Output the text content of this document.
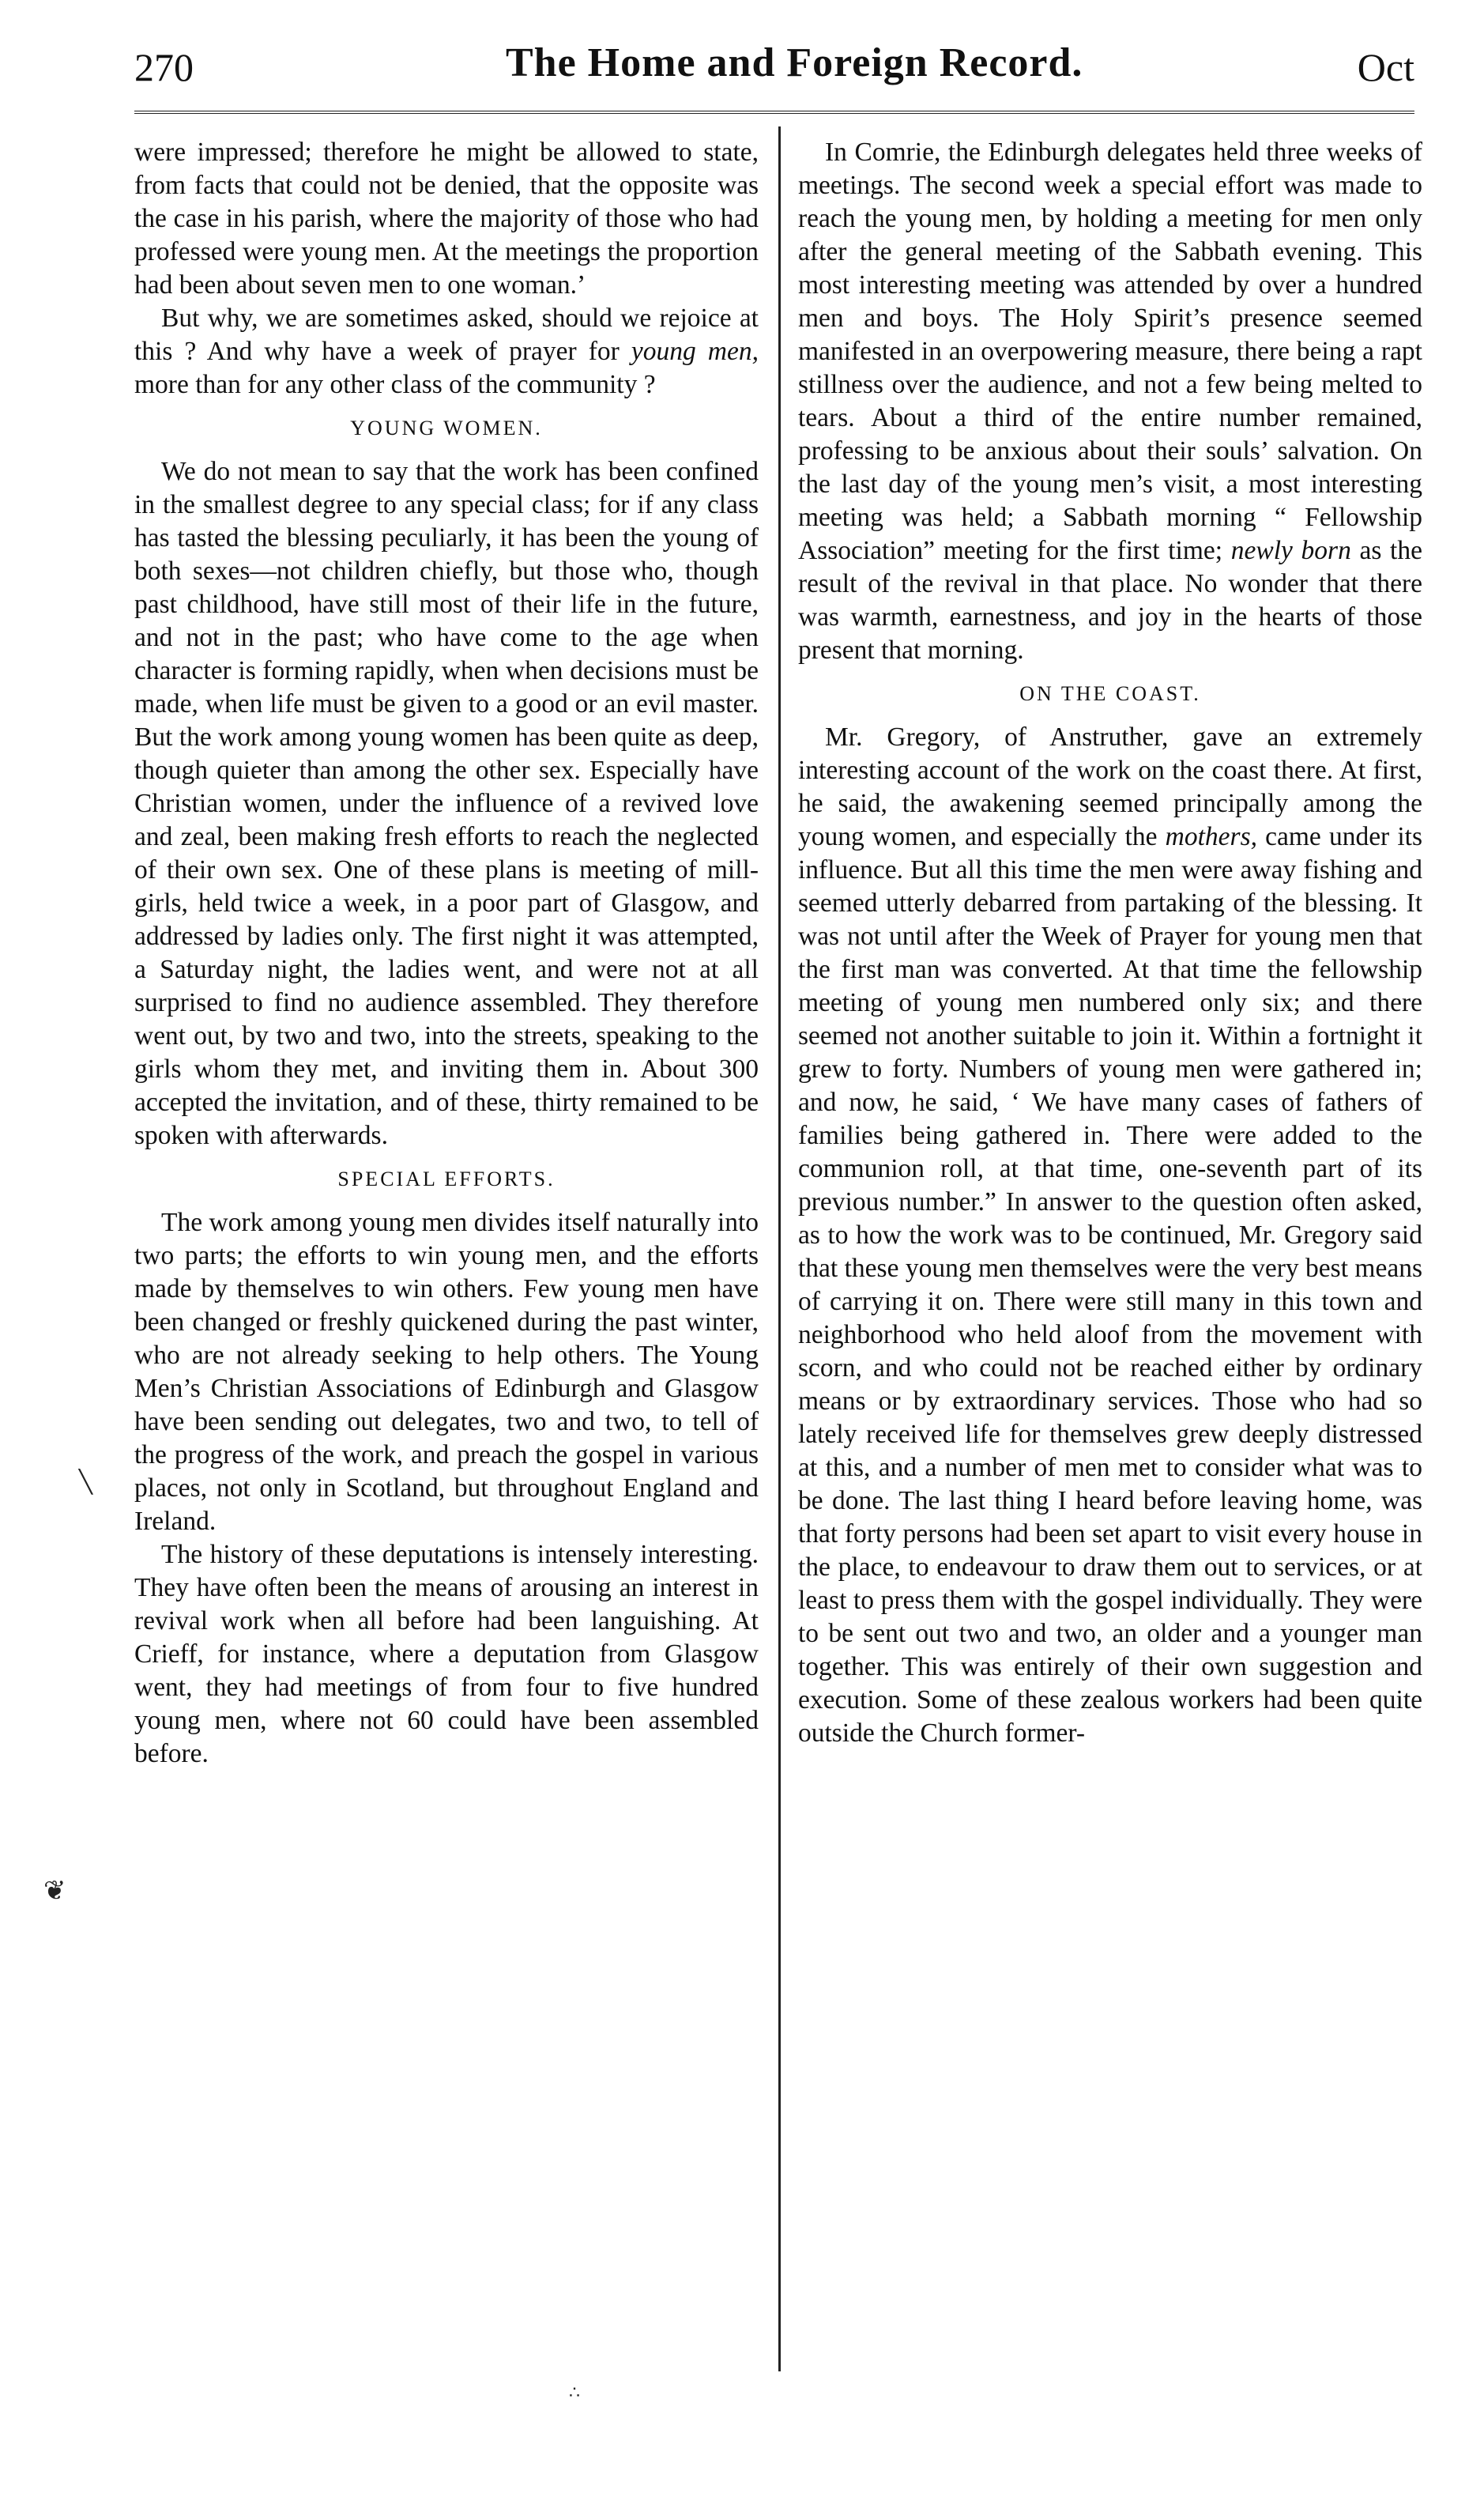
270	The Home and Foreign Record.	Oct

were impressed; therefore he might be allowed to state, from facts that could not be denied, that the opposite was the case in his parish, where the majority of those who had professed were young men. At the meetings the proportion had been about seven men to one woman.’

But why, we are sometimes asked, should we rejoice at this ? And why have a week of prayer for young men, more than for any other class of the community ?

YOUNG WOMEN.

We do not mean to say that the work has been confined in the smallest degree to any special class; for if any class has tasted the blessing peculiarly, it has been the young of both sexes—not children chiefly, but those who, though past childhood, have still most of their life in the future, and not in the past; who have come to the age when character is forming rapidly, when when decisions must be made, when life must be given to a good or an evil master. But the work among young women has been quite as deep, though quieter than among the other sex. Especially have Christian women, under the influence of a revived love and zeal, been making fresh efforts to reach the neglected of their own sex. One of these plans is meeting of mill-girls, held twice a week, in a poor part of Glasgow, and addressed by ladies only. The first night it was attempted, a Saturday night, the ladies went, and were not at all surprised to find no audience assembled. They therefore went out, by two and two, into the streets, speaking to the girls whom they met, and inviting them in. About 300 accepted the invitation, and of these, thirty remained to be spoken with afterwards.

SPECIAL EFFORTS.

The work among young men divides itself naturally into two parts; the efforts to win young men, and the efforts made by themselves to win others. Few young men have been changed or freshly quickened during the past winter, who are not already seeking to help others. The Young Men’s Christian Associations of Edinburgh and Glasgow have been sending out delegates, two and two, to tell of the progress of the work, and preach the gospel in various places, not only in Scotland, but throughout England and Ireland.

The history of these deputations is intensely interesting. They have often been the means of arousing an interest in revival work when all before had been languishing. At Crieff, for instance, where a deputation from Glasgow went, they had meetings of from four to five hundred young men, where not 60 could have been assembled before.

In Comrie, the Edinburgh delegates held three weeks of meetings. The second week a special effort was made to reach the young men, by holding a meeting for men only after the general meeting of the Sabbath evening. This most interesting meeting was attended by over a hundred men and boys. The Holy Spirit’s presence seemed manifested in an overpowering measure, there being a rapt stillness over the audience, and not a few being melted to tears. About a third of the entire number remained, professing to be anxious about their souls’ salvation. On the last day of the young men’s visit, a most interesting meeting was held; a Sabbath morning “ Fellowship Association” meeting for the first time; newly born as the result of the revival in that place. No wonder that there was warmth, earnestness, and joy in the hearts of those present that morning.

ON THE COAST.

Mr. Gregory, of Anstruther, gave an extremely interesting account of the work on the coast there. At first, he said, the awakening seemed principally among the young women, and especially the mothers, came under its influence. But all this time the men were away fishing and seemed utterly debarred from partaking of the blessing. It was not until after the Week of Prayer for young men that the first man was converted. At that time the fellowship meeting of young men numbered only six; and there seemed not another suitable to join it. Within a fortnight it grew to forty. Numbers of young men were gathered in; and now, he said, ‘ We have many cases of fathers of families being gathered in. There were added to the communion roll, at that time, one-seventh part of its previous number.” In answer to the question often asked, as to how the work was to be continued, Mr. Gregory said that these young men themselves were the very best means of carrying it on. There were still many in this town and neighborhood who held aloof from the movement with scorn, and who could not be reached either by ordinary means or by extraordinary services. Those who had so lately received life for themselves grew deeply distressed at this, and a number of men met to consider what was to be done. The last thing I heard before leaving home, was that forty persons had been set apart to visit every house in the place, to endeavour to draw them out to services, or at least to press them with the gospel individually. They were to be sent out two and two, an older and a younger man together. This was entirely of their own suggestion and execution. Some of these zealous workers had been quite outside the Church former-

╲
❦
∴
